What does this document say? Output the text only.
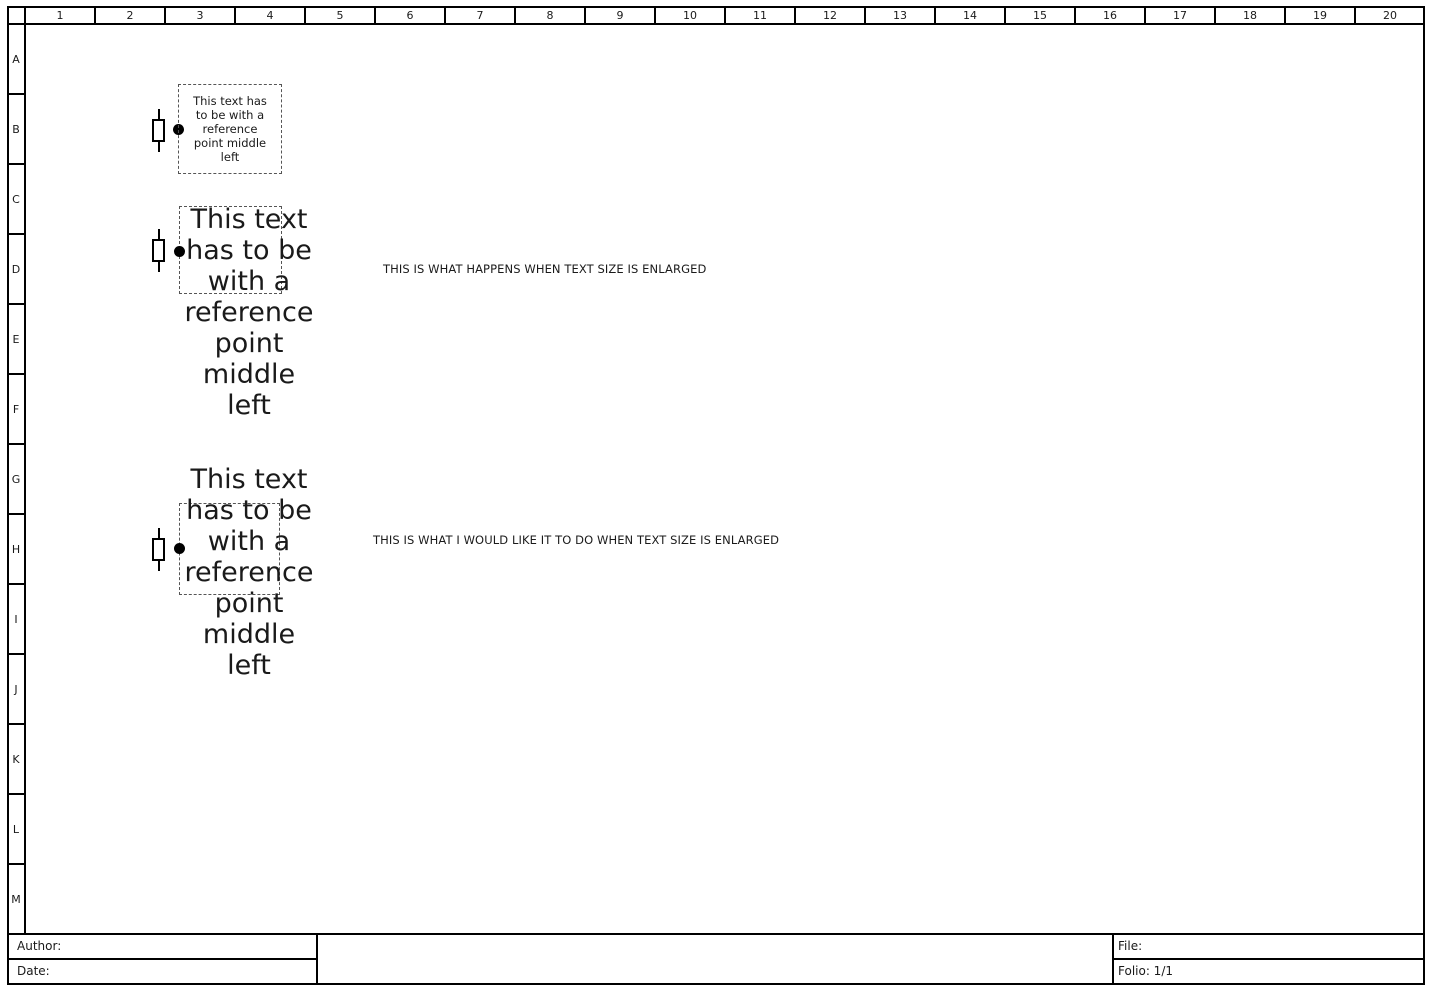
1	2	3	4	5	6	7	8	9	10	11	12	13	14	15	16	17	18	19	20
A
B
C
D
E
F
G
H
I
J
K
L
M
This text has
to be with a
reference
point middle
left
This text
has to be
with a
reference
point
middle
left
This text
has to be
with a
reference
point
middle
left
THIS IS WHAT HAPPENS WHEN TEXT SIZE IS ENLARGED
THIS IS WHAT I WOULD LIKE IT TO DO WHEN TEXT SIZE IS ENLARGED
Author:
Date:
File:
Folio: 1/1
